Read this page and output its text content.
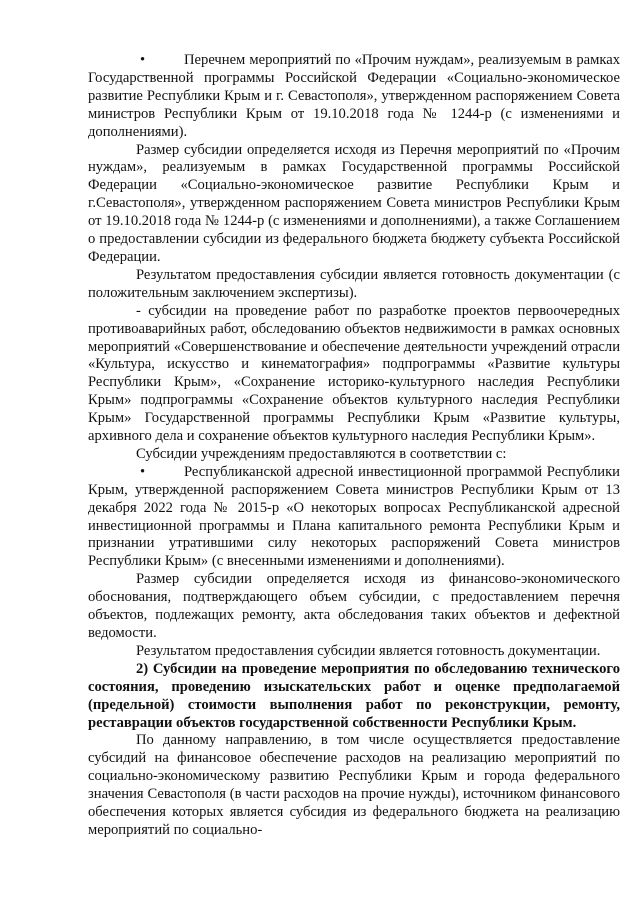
•	Перечнем мероприятий по «Прочим нуждам», реализуемым в рамках Государственной программы Российской Федерации «Социально-экономическое развитие Республики Крым и г. Севастополя», утвержденном распоряжением Совета министров Республики Крым от 19.10.2018 года № 1244-р (с изменениями и дополнениями).

Размер субсидии определяется исходя из Перечня мероприятий по «Прочим нуждам», реализуемым в рамках Государственной программы Российской Федерации «Социально-экономическое развитие Республики Крым и г.Севастополя», утвержденном распоряжением Совета министров Республики Крым от 19.10.2018 года № 1244-р (с изменениями и дополнениями), а также Соглашением о предоставлении субсидии из федерального бюджета бюджету субъекта Российской Федерации.

Результатом предоставления субсидии является готовность документации (с положительным заключением экспертизы).

- субсидии на проведение работ по разработке проектов первоочередных противоаварийных работ, обследованию объектов недвижимости в рамках основных мероприятий «Совершенствование и обеспечение деятельности учреждений отрасли «Культура, искусство и кинематография» подпрограммы «Развитие культуры Республики Крым», «Сохранение историко-культурного наследия Республики Крым» подпрограммы «Сохранение объектов культурного наследия Республики Крым» Государственной программы Республики Крым «Развитие культуры, архивного дела и сохранение объектов культурного наследия Республики Крым».

Субсидии учреждениям предоставляются в соответствии с:

•	Республиканской адресной инвестиционной программой Республики Крым, утвержденной распоряжением Совета министров Республики Крым от 13 декабря 2022 года № 2015-р «О некоторых вопросах Республиканской адресной инвестиционной программы и Плана капитального ремонта Республики Крым и признании утратившими силу некоторых распоряжений Совета министров Республики Крым» (с внесенными изменениями и дополнениями).

Размер субсидии определяется исходя из финансово-экономического обоснования, подтверждающего объем субсидии, с предоставлением перечня объектов, подлежащих ремонту, акта обследования таких объектов и дефектной ведомости.

Результатом предоставления субсидии является готовность документации.

2) Субсидии на проведение мероприятия по обследованию технического состояния, проведению изыскательских работ и оценке предполагаемой (предельной) стоимости выполнения работ по реконструкции, ремонту, реставрации объектов государственной собственности Республики Крым.

По данному направлению, в том числе осуществляется предоставление субсидий на финансовое обеспечение расходов на реализацию мероприятий по социально-экономическому развитию Республики Крым и города федерального значения Севастополя (в части расходов на прочие нужды), источником финансового обеспечения которых является субсидия из федерального бюджета на реализацию мероприятий по социально-
